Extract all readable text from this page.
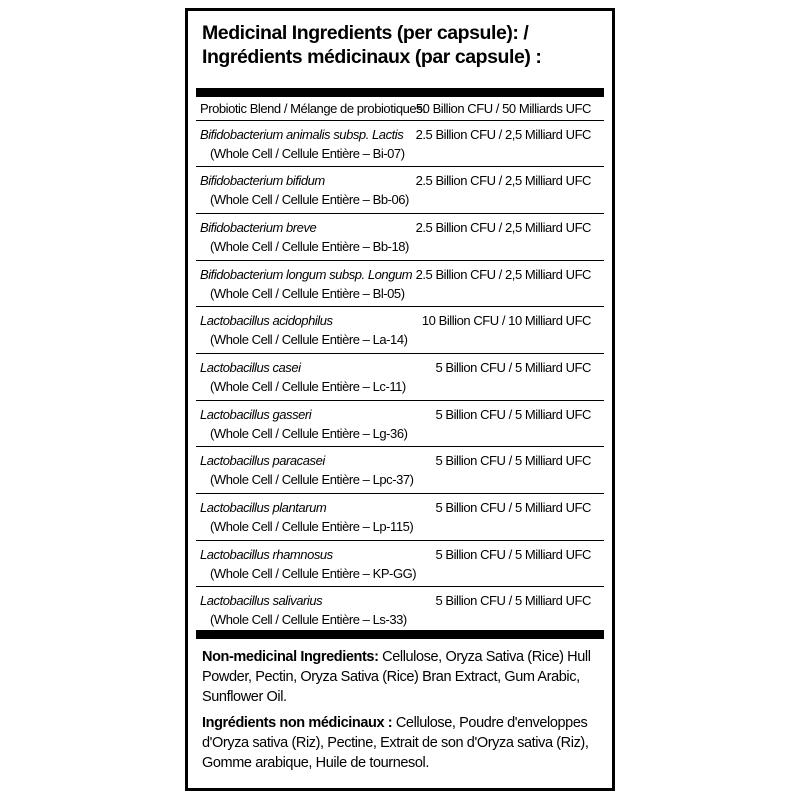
Medicinal Ingredients (per capsule): /
Ingrédients médicinaux (par capsule) :
Probiotic Blend / Mélange de probiotiques:
50 Billion CFU / 50 Milliards UFC
Bifidobacterium animalis subsp. Lactis
(Whole Cell / Cellule Entière – Bi-07)
2.5 Billion CFU / 2,5 Milliard UFC
Bifidobacterium bifidum
(Whole Cell / Cellule Entière – Bb-06)
2.5 Billion CFU / 2,5 Milliard UFC
Bifidobacterium breve
(Whole Cell / Cellule Entière – Bb-18)
2.5 Billion CFU / 2,5 Milliard UFC
Bifidobacterium longum subsp. Longum
(Whole Cell / Cellule Entière – Bl-05)
2.5 Billion CFU / 2,5 Milliard UFC
Lactobacillus acidophilus
(Whole Cell / Cellule Entière – La-14)
10 Billion CFU / 10 Milliard UFC
Lactobacillus casei
(Whole Cell / Cellule Entière – Lc-11)
5 Billion CFU / 5 Milliard UFC
Lactobacillus gasseri
(Whole Cell / Cellule Entière – Lg-36)
5 Billion CFU / 5 Milliard UFC
Lactobacillus paracasei
(Whole Cell / Cellule Entière – Lpc-37)
5 Billion CFU / 5 Milliard UFC
Lactobacillus plantarum
(Whole Cell / Cellule Entière – Lp-115)
5 Billion CFU / 5 Milliard UFC
Lactobacillus rhamnosus
(Whole Cell / Cellule Entière – KP-GG)
5 Billion CFU / 5 Milliard UFC
Lactobacillus salivarius
(Whole Cell / Cellule Entière – Ls-33)
5 Billion CFU / 5 Milliard UFC

Non-medicinal Ingredients: Cellulose, Oryza Sativa (Rice) Hull Powder, Pectin, Oryza Sativa (Rice) Bran Extract, Gum Arabic, Sunflower Oil.

Ingrédients non médicinaux : Cellulose, Poudre d'enveloppes d'Oryza sativa (Riz), Pectine, Extrait de son d'Oryza sativa (Riz), Gomme arabique, Huile de tournesol.
